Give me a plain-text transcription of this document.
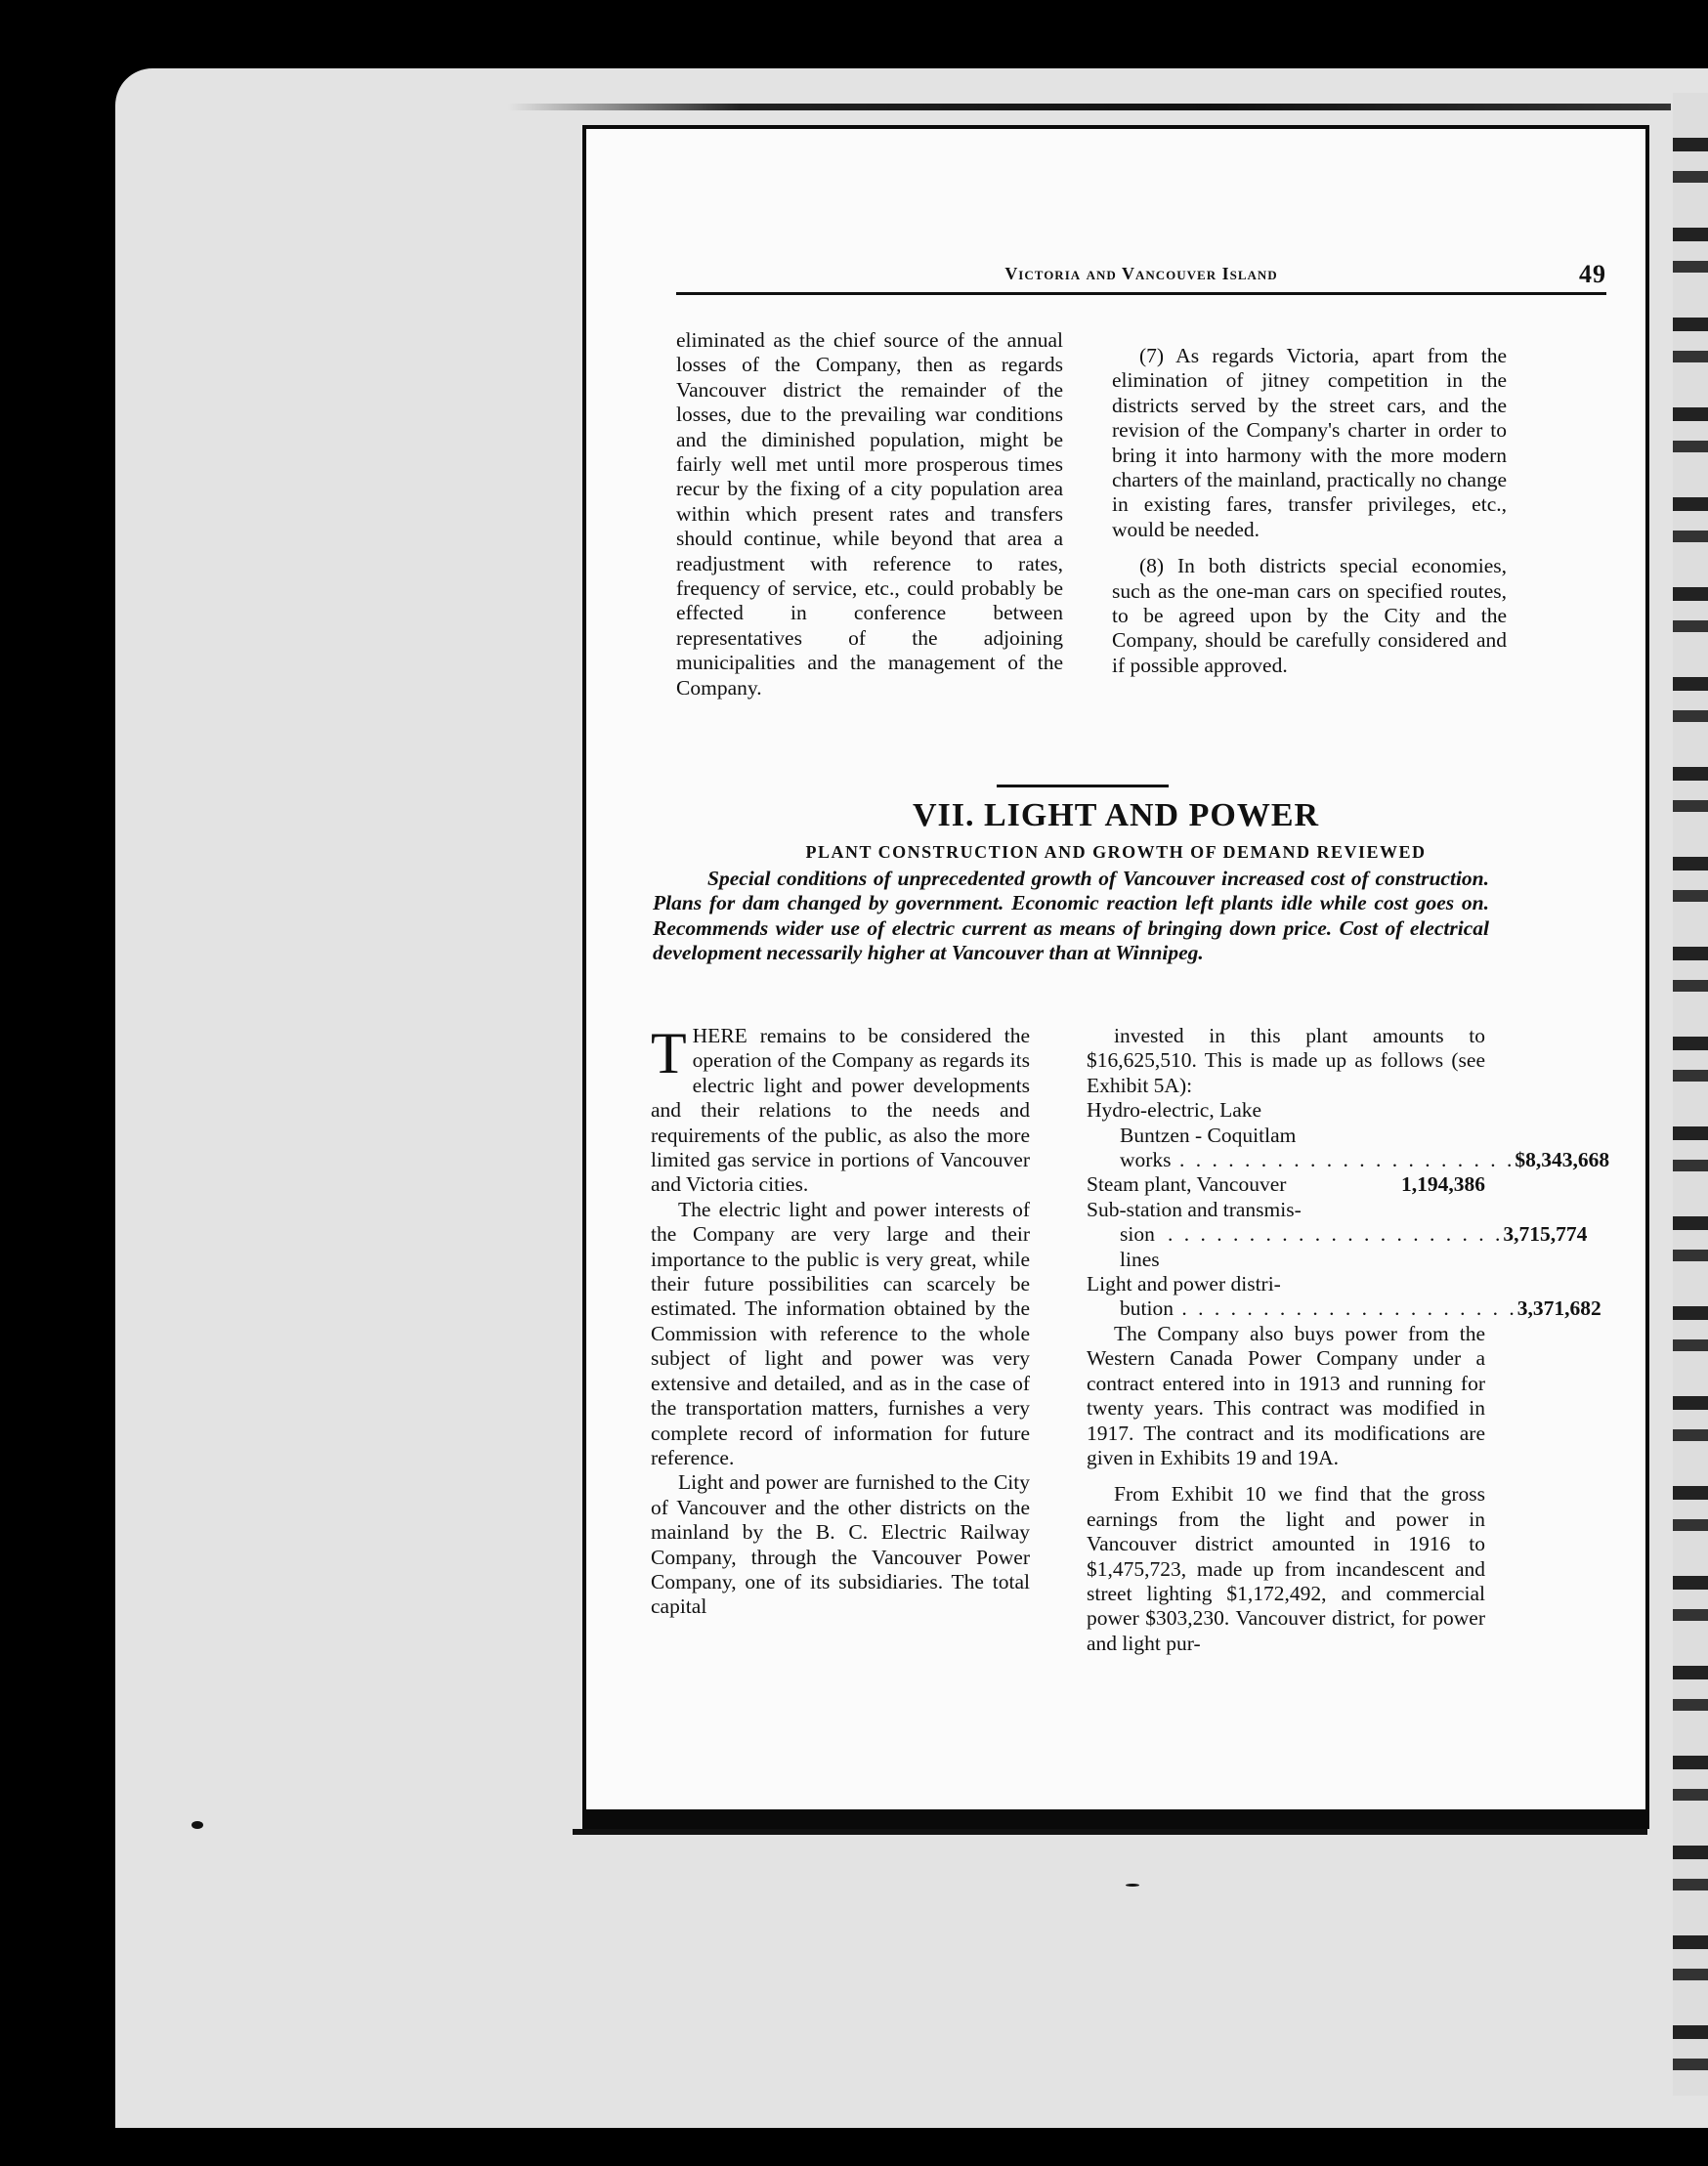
Victoria and Vancouver Island	49

eliminated as the chief source of the annual losses of the Company, then as regards Vancouver district the remainder of the losses, due to the prevailing war conditions and the diminished population, might be fairly well met until more prosperous times recur by the fixing of a city population area within which present rates and transfers should continue, while beyond that area a readjustment with reference to rates, frequency of service, etc., could probably be effected in conference between representatives of the adjoining municipalities and the management of the Company.

(7) As regards Victoria, apart from the elimination of jitney competition in the districts served by the street cars, and the revision of the Company's charter in order to bring it into harmony with the more modern charters of the mainland, practically no change in existing fares, transfer privileges, etc., would be needed.

(8) In both districts special economies, such as the one-man cars on specified routes, to be agreed upon by the City and the Company, should be carefully considered and if possible approved.

VII. LIGHT AND POWER
PLANT CONSTRUCTION AND GROWTH OF DEMAND REVIEWED

Special conditions of unprecedented growth of Vancouver increased cost of construction. Plans for dam changed by government. Economic reaction left plants idle while cost goes on. Recommends wider use of electric current as means of bringing down price. Cost of electrical development necessarily higher at Vancouver than at Winnipeg.

THERE remains to be considered the operation of the Company as regards its electric light and power developments and their relations to the needs and requirements of the public, as also the more limited gas service in portions of Vancouver and Victoria cities.

The electric light and power interests of the Company are very large and their importance to the public is very great, while their future possibilities can scarcely be estimated. The information obtained by the Commission with reference to the whole subject of light and power was very extensive and detailed, and as in the case of the transportation matters, furnishes a very complete record of information for future reference.

Light and power are furnished to the City of Vancouver and the other districts on the mainland by the B. C. Electric Railway Company, through the Vancouver Power Company, one of its subsidiaries. The total capital

invested in this plant amounts to $16,625,510. This is made up as follows (see Exhibit 5A):

Hydro-electric, Lake
Buntzen - Coquitlam
works . . . . . . . . . . . . . . . . . . . . . $8,343,668
Steam plant, Vancouver	1,194,386
Sub-station and transmis-
sion lines
. . . . . . . . . . . . . . . . . . . . . 3,715,774
Light and power distri-
bution . . . . . . . . . . . . . . . . . . . . . 3,371,682

The Company also buys power from the Western Canada Power Company under a contract entered into in 1913 and running for twenty years. This contract was modified in 1917. The contract and its modifications are given in Exhibits 19 and 19A.

From Exhibit 10 we find that the gross earnings from the light and power in Vancouver district amounted in 1916 to $1,475,723, made up from incandescent and street lighting $1,172,492, and commercial power $303,230. Vancouver district, for power and light pur-
